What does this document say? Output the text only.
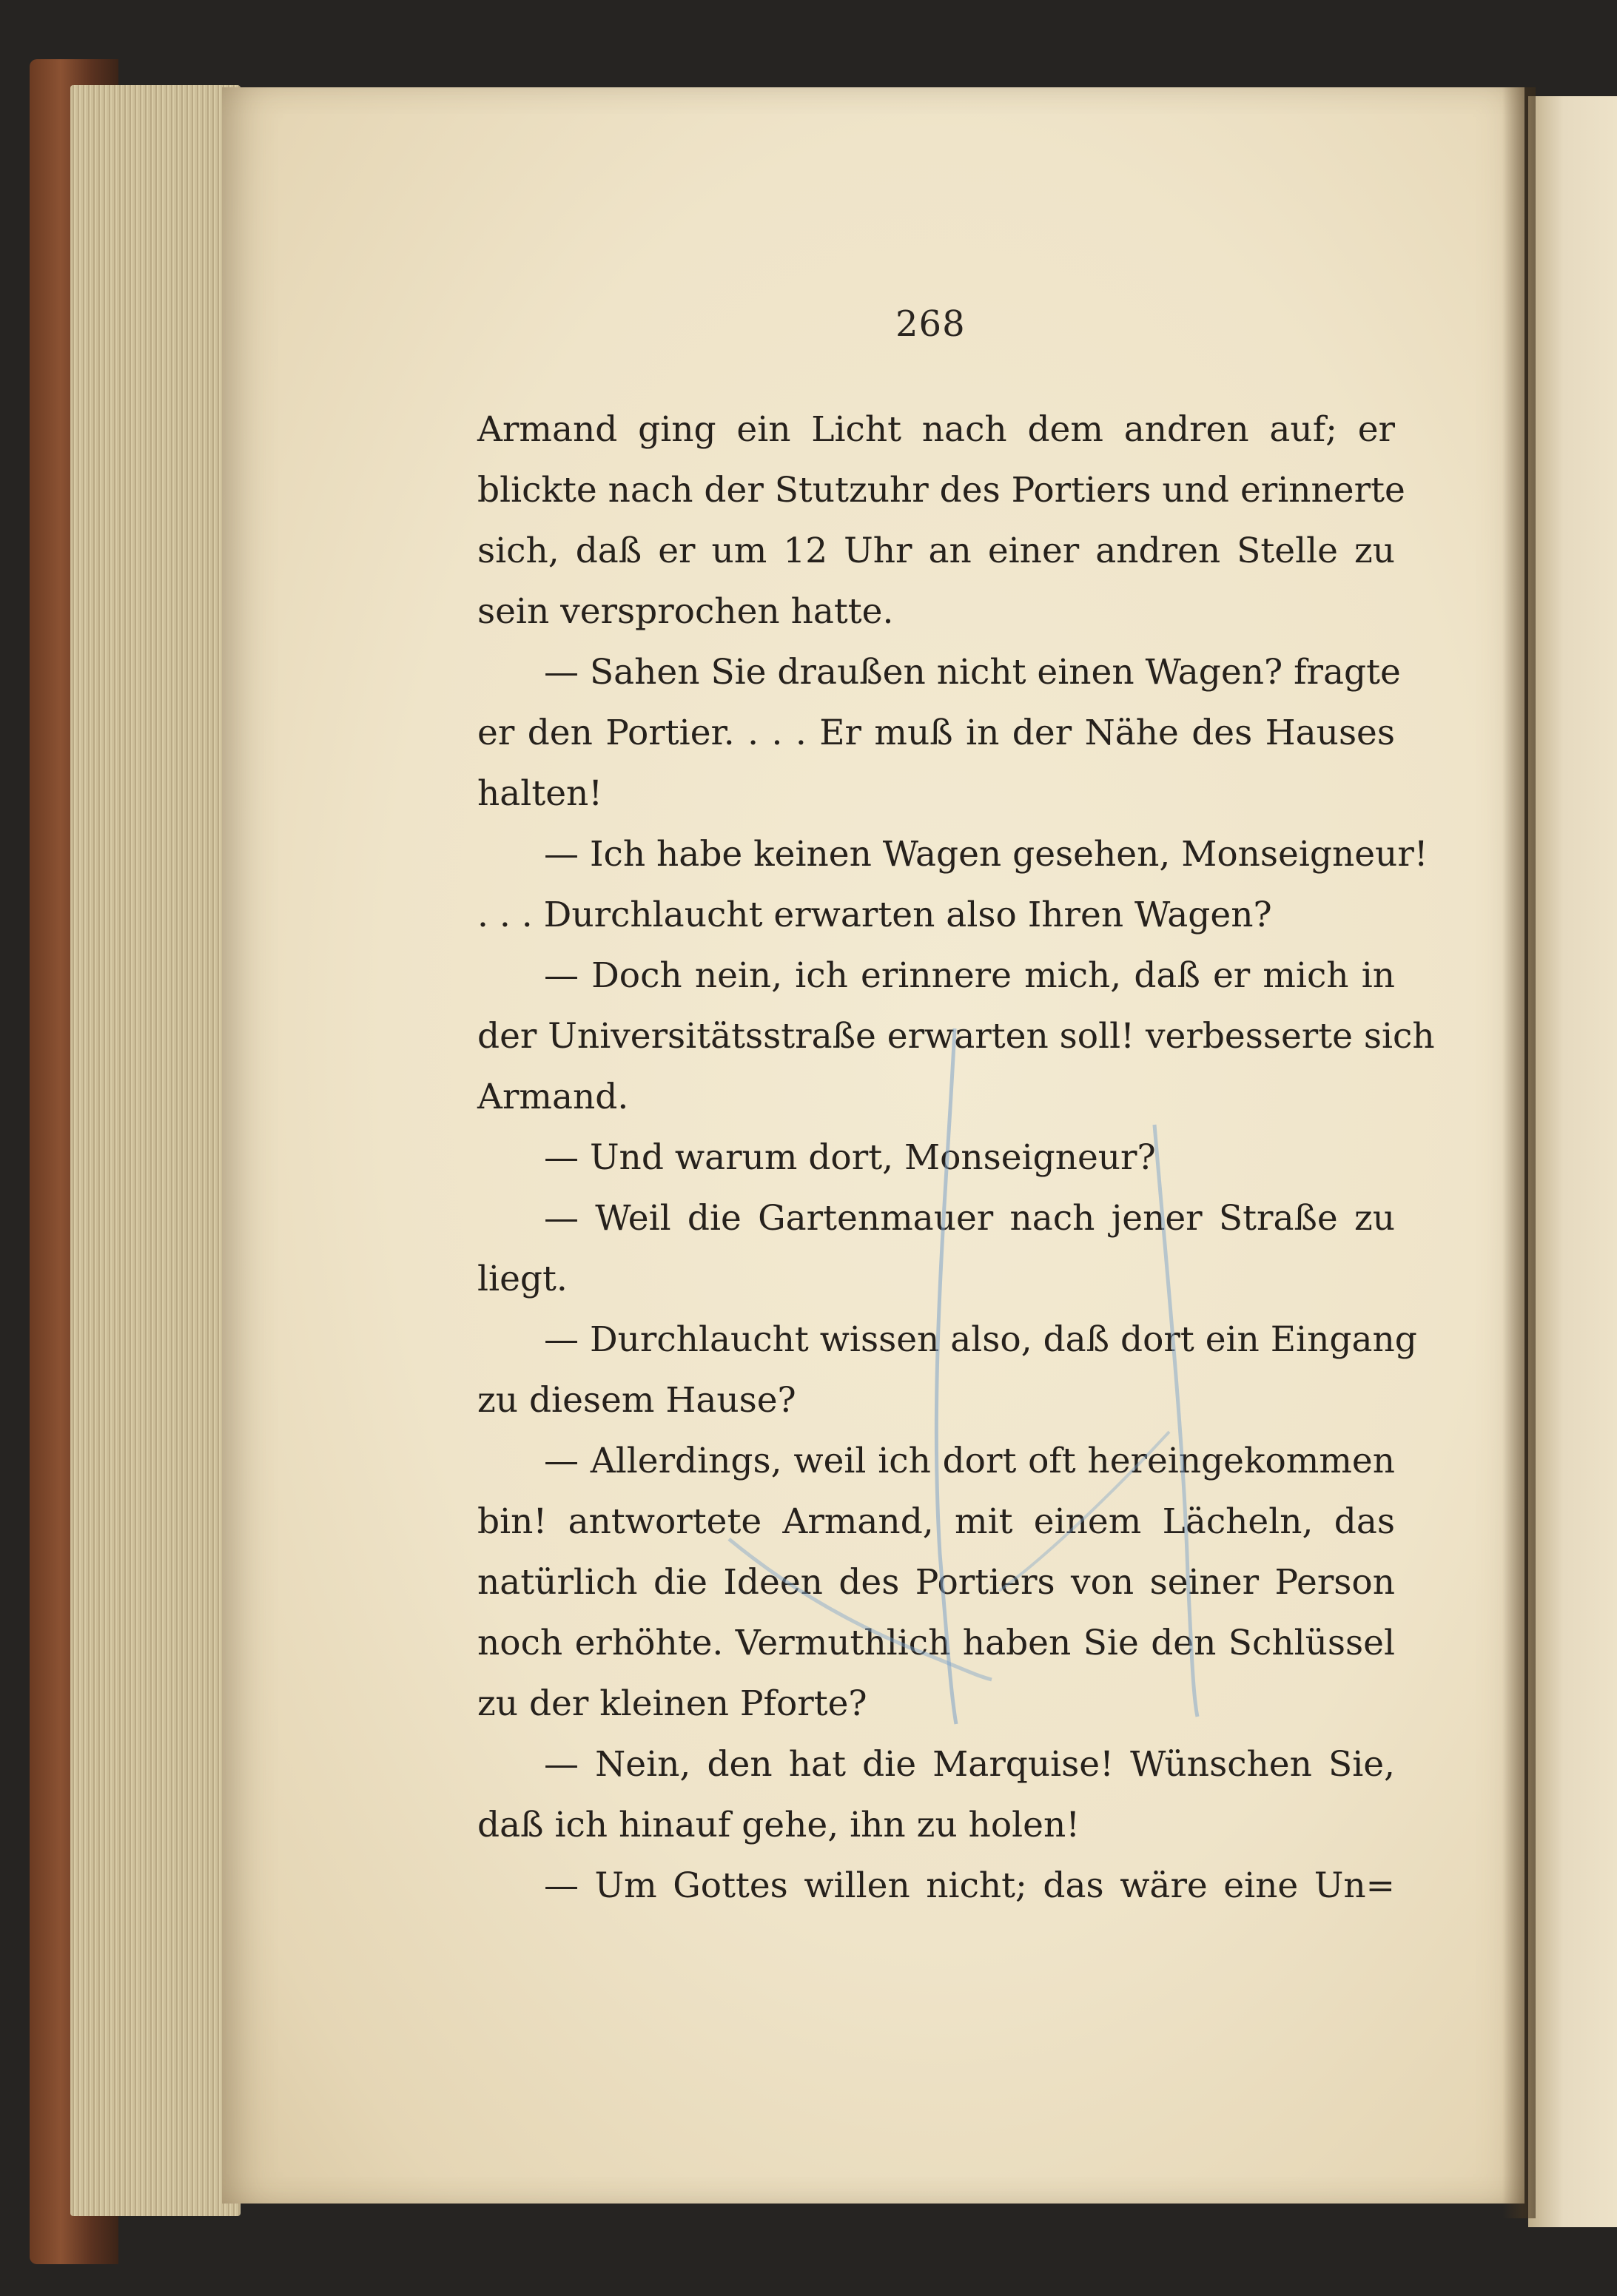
268
Armand ging ein Licht nach dem andren auf; er
blickte nach der Stutzuhr des Portiers und erinnerte
sich, daß er um 12 Uhr an einer andren Stelle zu
sein versprochen hatte.
— Sahen Sie draußen nicht einen Wagen? fragte
er den Portier. . . . Er muß in der Nähe des Hauses
halten!
— Ich habe keinen Wagen gesehen, Monseigneur!
. . . Durchlaucht erwarten also Ihren Wagen?
— Doch nein, ich erinnere mich, daß er mich in
der Universitätsstraße erwarten soll! verbesserte sich
Armand.
— Und warum dort, Monseigneur?
— Weil die Gartenmauer nach jener Straße zu
liegt.
— Durchlaucht wissen also, daß dort ein Eingang
zu diesem Hause?
— Allerdings, weil ich dort oft hereingekommen
bin! antwortete Armand, mit einem Lächeln, das
natürlich die Ideen des Portiers von seiner Person
noch erhöhte. Vermuthlich haben Sie den Schlüssel
zu der kleinen Pforte?
— Nein, den hat die Marquise! Wünschen Sie,
daß ich hinauf gehe, ihn zu holen!
— Um Gottes willen nicht; das wäre eine Un=
